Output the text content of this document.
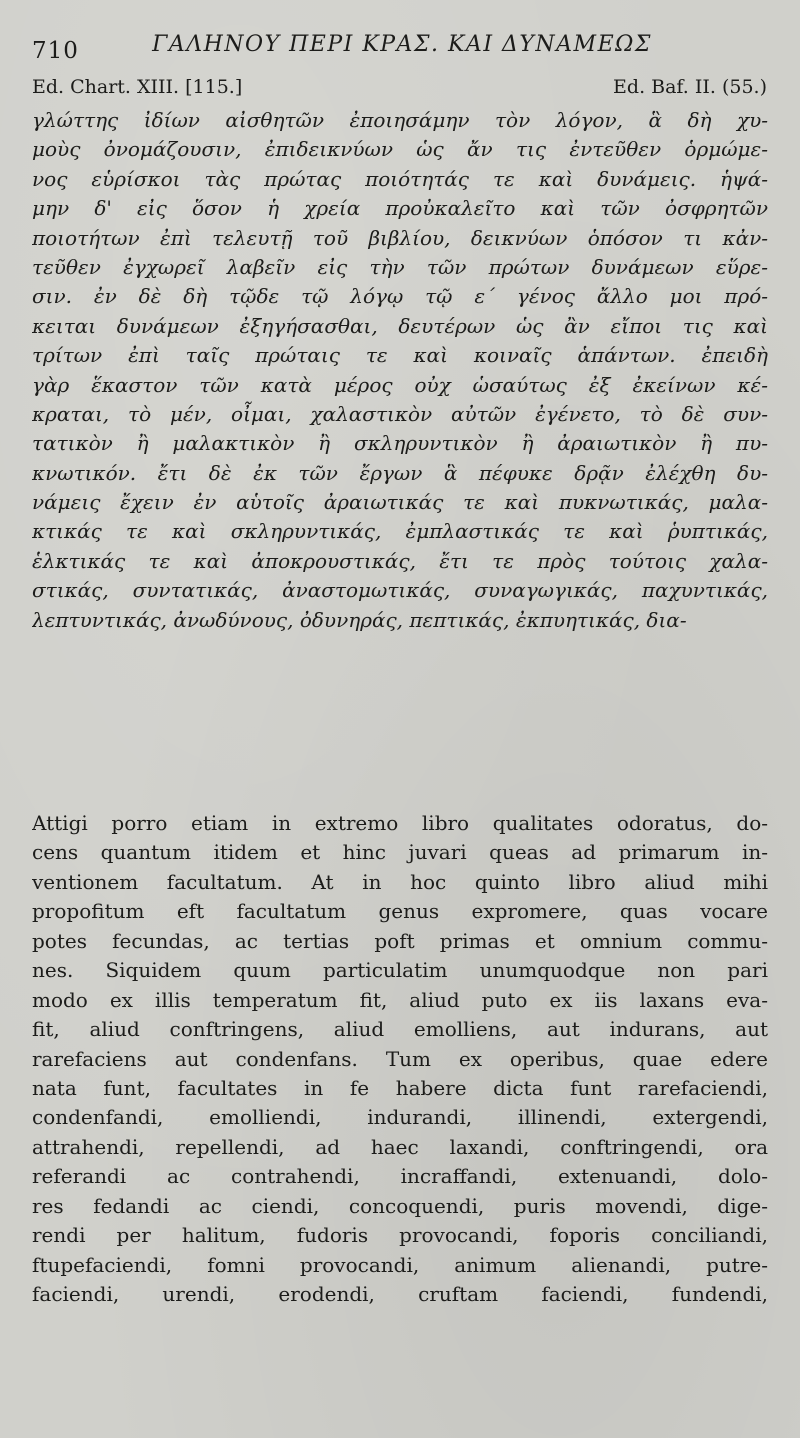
710	ΓΑΛΗΝΟΥ ΠΕΡΙ ΚΡΑΣ. ΚΑΙ ΔΥΝΑΜΕΩΣ
Ed. Chart. XIII. [115.]	Ed. Baf. II. (55.)
γλώττης ἰδίων αἰσθητῶν ἐποιησάμην τὸν λόγον, ἃ δὴ χυ-
μοὺς ὀνομάζουσιν, ἐπιδεικνύων ὡς ἄν τις ἐντεῦθεν ὁρμώμε-
νος εὑρίσκοι τὰς πρώτας ποιότητάς τε καὶ δυνάμεις. ἡψά-
μην δ' εἰς ὅσον ἡ χρεία προὐκαλεῖτο καὶ τῶν ὀσφρητῶν
ποιοτήτων ἐπὶ τελευτῇ τοῦ βιβλίου, δεικνύων ὁπόσον τι κἀν-
τεῦθεν ἐγχωρεῖ λαβεῖν εἰς τὴν τῶν πρώτων δυνάμεων εὕρε-
σιν. ἐν δὲ δὴ τῷδε τῷ λόγῳ τῷ ε΄ γένος ἄλλο μοι πρό-
κειται δυνάμεων ἐξηγήσασθαι, δευτέρων ὡς ἂν εἴποι τις καὶ
τρίτων ἐπὶ ταῖς πρώταις τε καὶ κοιναῖς ἁπάντων. ἐπειδὴ
γὰρ ἕκαστον τῶν κατὰ μέρος οὐχ ὡσαύτως ἐξ ἐκείνων κέ-
κραται, τὸ μέν, οἶμαι, χαλαστικὸν αὐτῶν ἐγένετο, τὸ δὲ συν-
τατικὸν ἢ μαλακτικὸν ἢ σκληρυντικὸν ἢ ἀραιωτικὸν ἢ πυ-
κνωτικόν. ἔτι δὲ ἐκ τῶν ἔργων ἃ πέφυκε δρᾷν ἐλέχθη δυ-
νάμεις ἔχειν ἐν αὑτοῖς ἀραιωτικάς τε καὶ πυκνωτικάς, μαλα-
κτικάς τε καὶ σκληρυντικάς, ἐμπλαστικάς τε καὶ ῥυπτικάς,
ἑλκτικάς τε καὶ ἀποκρουστικάς, ἔτι τε πρὸς τούτοις χαλα-
στικάς, συντατικάς, ἀναστομωτικάς, συναγωγικάς, παχυντικάς,
λεπτυντικάς, ἀνωδύνους, ὀδυνηράς, πεπτικάς, ἐκπυητικάς, δια-
Attigi porro etiam in extremo libro qualitates odoratus, do-
cens quantum itidem et hinc juvari queas ad primarum in-
ventionem facultatum. At in hoc quinto libro aliud mihi
propofitum eft facultatum genus expromere, quas vocare
potes fecundas, ac tertias poft primas et omnium commu-
nes. Siquidem quum particulatim unumquodque non pari
modo ex illis temperatum fit, aliud puto ex iis laxans eva-
fit, aliud conftringens, aliud emolliens, aut indurans, aut
rarefaciens aut condenfans. Tum ex operibus, quae edere
nata funt, facultates in fe habere dicta funt rarefaciendi,
condenfandi, emolliendi, indurandi, illinendi, extergendi,
attrahendi, repellendi, ad haec laxandi, conftringendi, ora
referandi ac contrahendi, incraffandi, extenuandi, dolo-
res fedandi ac ciendi, concoquendi, puris movendi, dige-
rendi per halitum, fudoris provocandi, foporis conciliandi,
ftupefaciendi, fomni provocandi, animum alienandi, putre-
faciendi, urendi, erodendi, cruftam faciendi, fundendi,
